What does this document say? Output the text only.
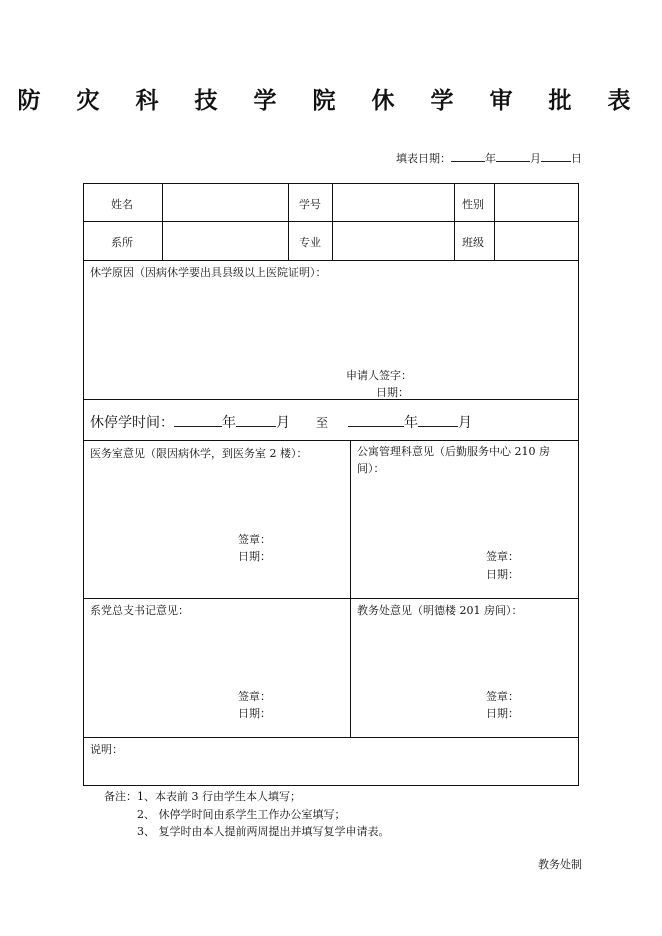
防 灾 科 技 学 院 休 学 审 批 表
填表日期：	年	月	日
姓名	学号	性别
系所	专业	班级
休学原因（因病休学要出具县级以上医院证明）：
申请人签字：
日期：
休停学时间：	年	月 至	年	月
医务室意见（限因病休学，到医务室 2 楼）：
签章：
日期：
公寓管理科意见（后勤服务中心 210 房间）：
签章：
日期：
系党总支书记意见：
签章：
日期：
教务处意见（明德楼 201 房间）：
签章：
日期：
说明：
备注： 1、本表前 3 行由学生本人填写；
2、 休停学时间由系学生工作办公室填写；
3、 复学时由本人提前两周提出并填写复学申请表。
教务处制
